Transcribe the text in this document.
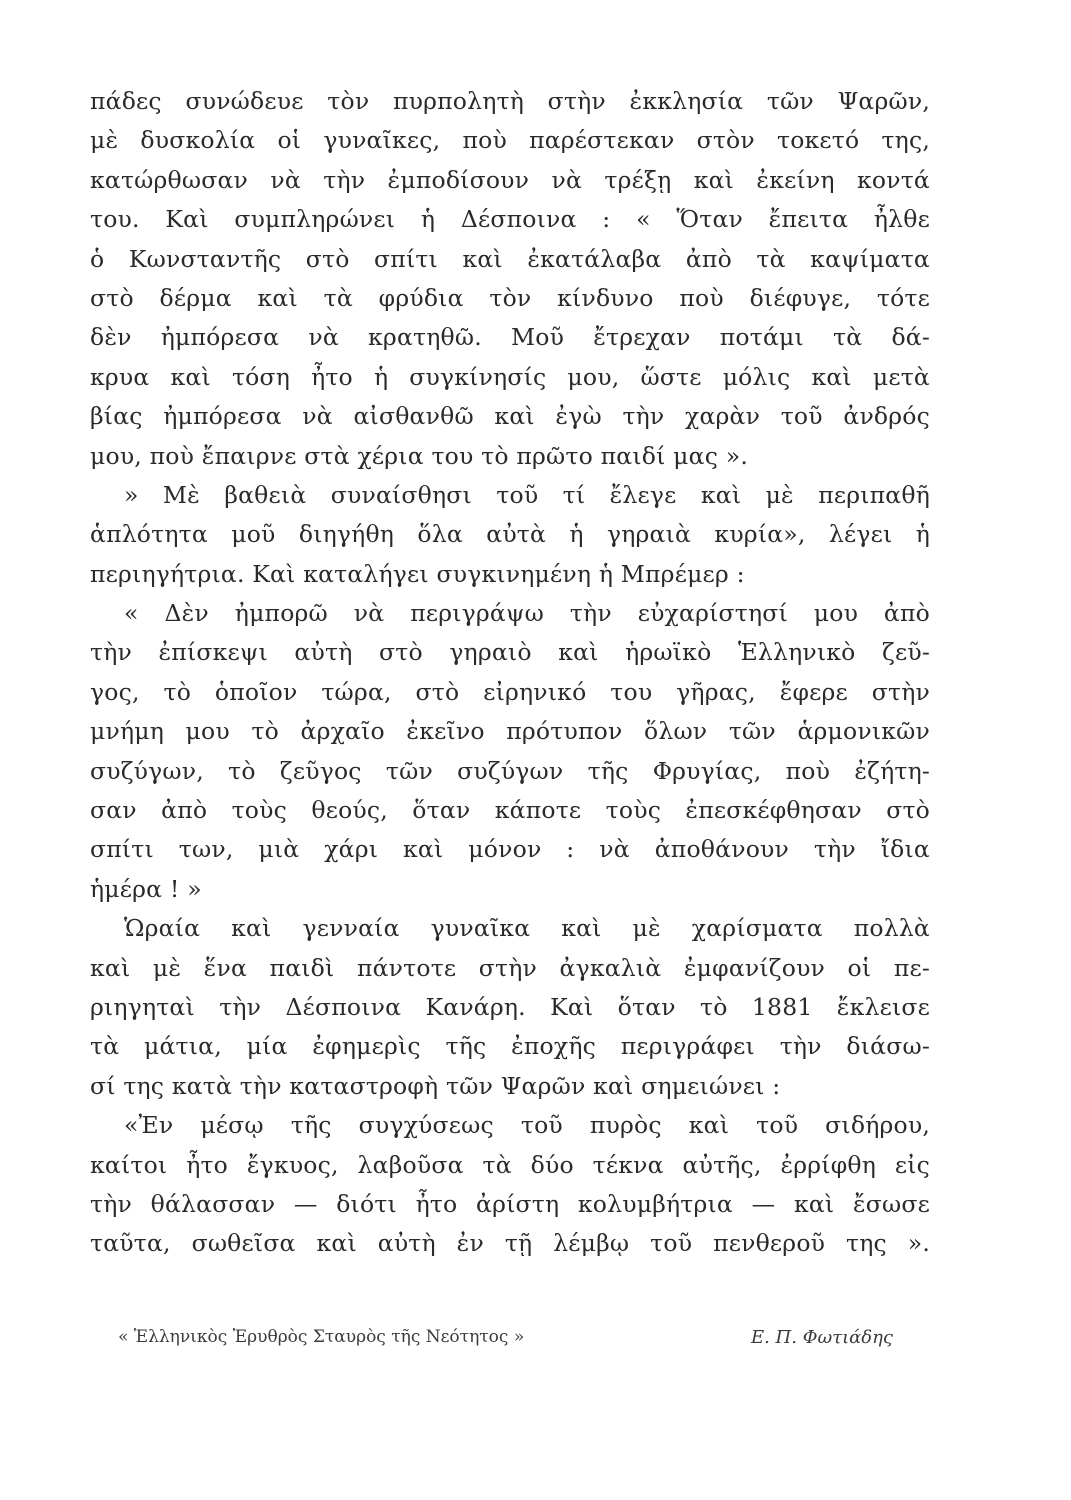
πάδες συνώδευε τὸν πυρπολητὴ στὴν ἐκκλησία τῶν Ψαρῶν,
μὲ δυσκολία οἱ γυναῖκες, ποὺ παρέστεκαν στὸν τοκετό της,
κατώρθωσαν νὰ τὴν ἐμποδίσουν νὰ τρέξῃ καὶ ἐκείνη κοντά
του. Καὶ συμπληρώνει ἡ Δέσποινα : « Ὅταν ἔπειτα ἦλθε
ὁ Κωνσταντῆς στὸ σπίτι καὶ ἐκατάλαβα ἀπὸ τὰ καψίματα
στὸ δέρμα καὶ τὰ φρύδια τὸν κίνδυνο ποὺ διέφυγε, τότε
δὲν ἠμπόρεσα νὰ κρατηθῶ. Μοῦ ἔτρεχαν ποτάμι τὰ δά-
κρυα καὶ τόση ἦτο ἡ συγκίνησίς μου, ὥστε μόλις καὶ μετὰ
βίας ἠμπόρεσα νὰ αἰσθανθῶ καὶ ἐγὼ τὴν χαρὰν τοῦ ἀνδρός
μου, ποὺ ἔπαιρνε στὰ χέρια του τὸ πρῶτο παιδί μας ».
» Μὲ βαθειὰ συναίσθησι τοῦ τί ἔλεγε καὶ μὲ περιπαθῆ
ἁπλότητα μοῦ διηγήθη ὅλα αὐτὰ ἡ γηραιὰ κυρία», λέγει ἡ
περιηγήτρια. Καὶ καταλήγει συγκινημένη ἡ Μπρέμερ :
« Δὲν ἠμπορῶ νὰ περιγράψω τὴν εὐχαρίστησί μου ἀπὸ
τὴν ἐπίσκεψι αὐτὴ στὸ γηραιὸ καὶ ἡρωϊκὸ Ἑλληνικὸ ζεῦ-
γος, τὸ ὁποῖον τώρα, στὸ εἰρηνικό του γῆρας, ἔφερε στὴν
μνήμη μου τὸ ἀρχαῖο ἐκεῖνο πρότυπον ὅλων τῶν ἁρμονικῶν
συζύγων, τὸ ζεῦγος τῶν συζύγων τῆς Φρυγίας, ποὺ ἐζήτη-
σαν ἀπὸ τοὺς θεούς, ὅταν κάποτε τοὺς ἐπεσκέφθησαν στὸ
σπίτι των, μιὰ χάρι καὶ μόνον : νὰ ἀποθάνουν τὴν ἴδια
ἡμέρα ! »
Ὡραία καὶ γενναία γυναῖκα καὶ μὲ χαρίσματα πολλὰ
καὶ μὲ ἕνα παιδὶ πάντοτε στὴν ἀγκαλιὰ ἐμφανίζουν οἱ πε-
ριηγηταὶ τὴν Δέσποινα Κανάρη. Καὶ ὅταν τὸ 1881 ἔκλεισε
τὰ μάτια, μία ἐφημερὶς τῆς ἐποχῆς περιγράφει τὴν διάσω-
σί της κατὰ τὴν καταστροφὴ τῶν Ψαρῶν καὶ σημειώνει :
«Ἐν μέσῳ τῆς συγχύσεως τοῦ πυρὸς καὶ τοῦ σιδήρου,
καίτοι ἦτο ἔγκυος, λαβοῦσα τὰ δύο τέκνα αὐτῆς, ἐρρίφθη εἰς
τὴν θάλασσαν — διότι ἦτο ἀρίστη κολυμβήτρια — καὶ ἔσωσε
ταῦτα, σωθεῖσα καὶ αὐτὴ ἐν τῇ λέμβῳ τοῦ πενθεροῦ της ».
« Ἑλληνικὸς Ἐρυθρὸς Σταυρὸς τῆς Νεότητος »	Ε. Π. Φωτιάδης
